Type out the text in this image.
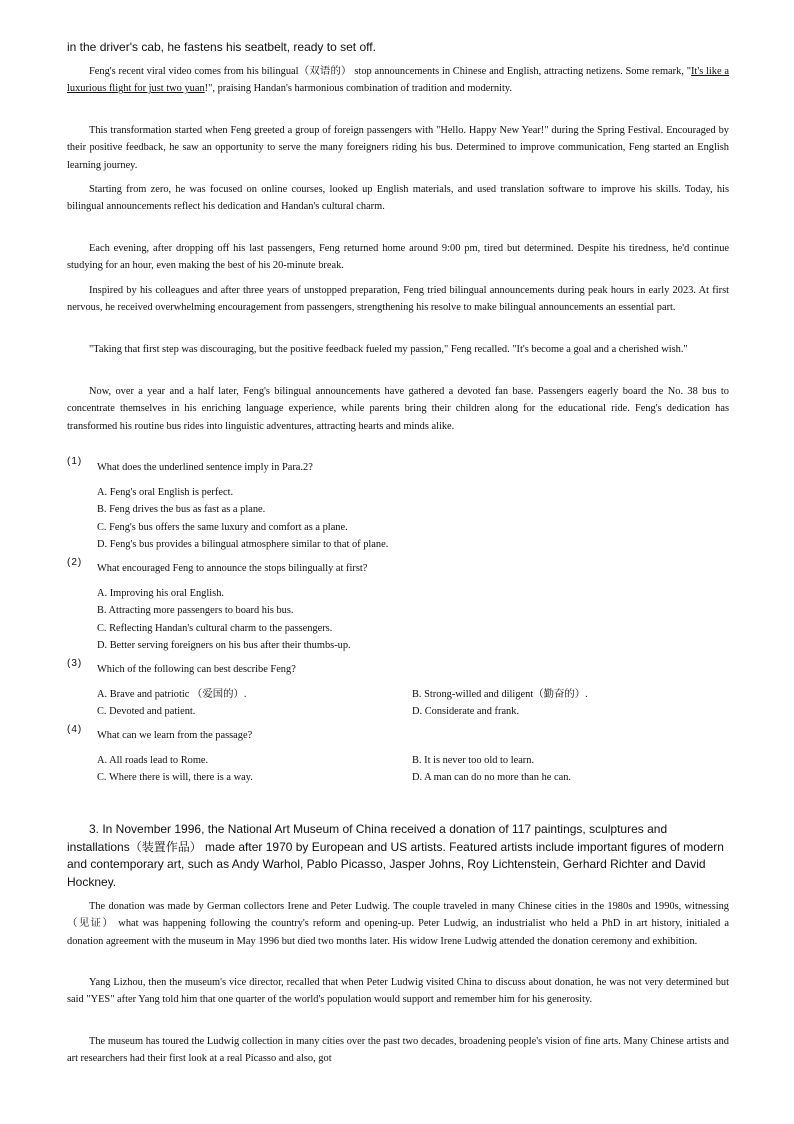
in the driver's cab, he fastens his seatbelt, ready to set off.

Feng's recent viral video comes from his bilingual（双语的） stop announcements in Chinese and English, attracting netizens. Some remark, "It's like a luxurious flight for just two yuan!", praising Handan's harmonious combination of tradition and modernity.

This transformation started when Feng greeted a group of foreign passengers with "Hello. Happy New Year!" during the Spring Festival. Encouraged by their positive feedback, he saw an opportunity to serve the many foreigners riding his bus. Determined to improve communication, Feng started an English learning journey.

Starting from zero, he was focused on online courses, looked up English materials, and used translation software to improve his skills. Today, his bilingual announcements reflect his dedication and Handan's cultural charm.

Each evening, after dropping off his last passengers, Feng returned home around 9:00 pm, tired but determined. Despite his tiredness, he'd continue studying for an hour, even making the best of his 20-minute break.

Inspired by his colleagues and after three years of unstopped preparation, Feng tried bilingual announcements during peak hours in early 2023. At first nervous, he received overwhelming encouragement from passengers, strengthening his resolve to make bilingual announcements an essential part.

"Taking that first step was discouraging, but the positive feedback fueled my passion," Feng recalled. "It's become a goal and a cherished wish."

Now, over a year and a half later, Feng's bilingual announcements have gathered a devoted fan base. Passengers eagerly board the No. 38 bus to concentrate themselves in his enriching language experience, while parents bring their children along for the educational ride. Feng's dedication has transformed his routine bus rides into linguistic adventures, attracting hearts and minds alike.

(1)
What does the underlined sentence imply in Para.2?
A. Feng's oral English is perfect.
B. Feng drives the bus as fast as a plane.
C. Feng's bus offers the same luxury and comfort as a plane.
D. Feng's bus provides a bilingual atmosphere similar to that of plane.
(2)
What encouraged Feng to announce the stops bilingually at first?
A. Improving his oral English.
B. Attracting more passengers to board his bus.
C. Reflecting Handan's cultural charm to the passengers.
D. Better serving foreigners on his bus after their thumbs-up.
(3)
Which of the following can best describe Feng?
A. Brave and patriotic （爱国的）.	B. Strong-willed and diligent（勤奋的）.
C. Devoted and patient.	D. Considerate and frank.
(4)
What can we learn from the passage?
A. All roads lead to Rome.	B. It is never too old to learn.
C. Where there is will, there is a way.	D. A man can do no more than he can.

3. In November 1996, the National Art Museum of China received a donation of 117 paintings, sculptures and installations（装置作品） made after 1970 by European and US artists. Featured artists include important figures of modern and contemporary art, such as Andy Warhol, Pablo Picasso, Jasper Johns, Roy Lichtenstein, Gerhard Richter and David Hockney.

The donation was made by German collectors Irene and Peter Ludwig. The couple traveled in many Chinese cities in the 1980s and 1990s, witnessing（见证） what was happening following the country's reform and opening-up. Peter Ludwig, an industrialist who held a PhD in art history, initialed a donation agreement with the museum in May 1996 but died two months later. His widow Irene Ludwig attended the donation ceremony and exhibition.

Yang Lizhou, then the museum's vice director, recalled that when Peter Ludwig visited China to discuss about donation, he was not very determined but said "YES" after Yang told him that one quarter of the world's population would support and remember him for his generosity.

The museum has toured the Ludwig collection in many cities over the past two decades, broadening people's vision of fine arts. Many Chinese artists and art researchers had their first look at a real Picasso and also, got
